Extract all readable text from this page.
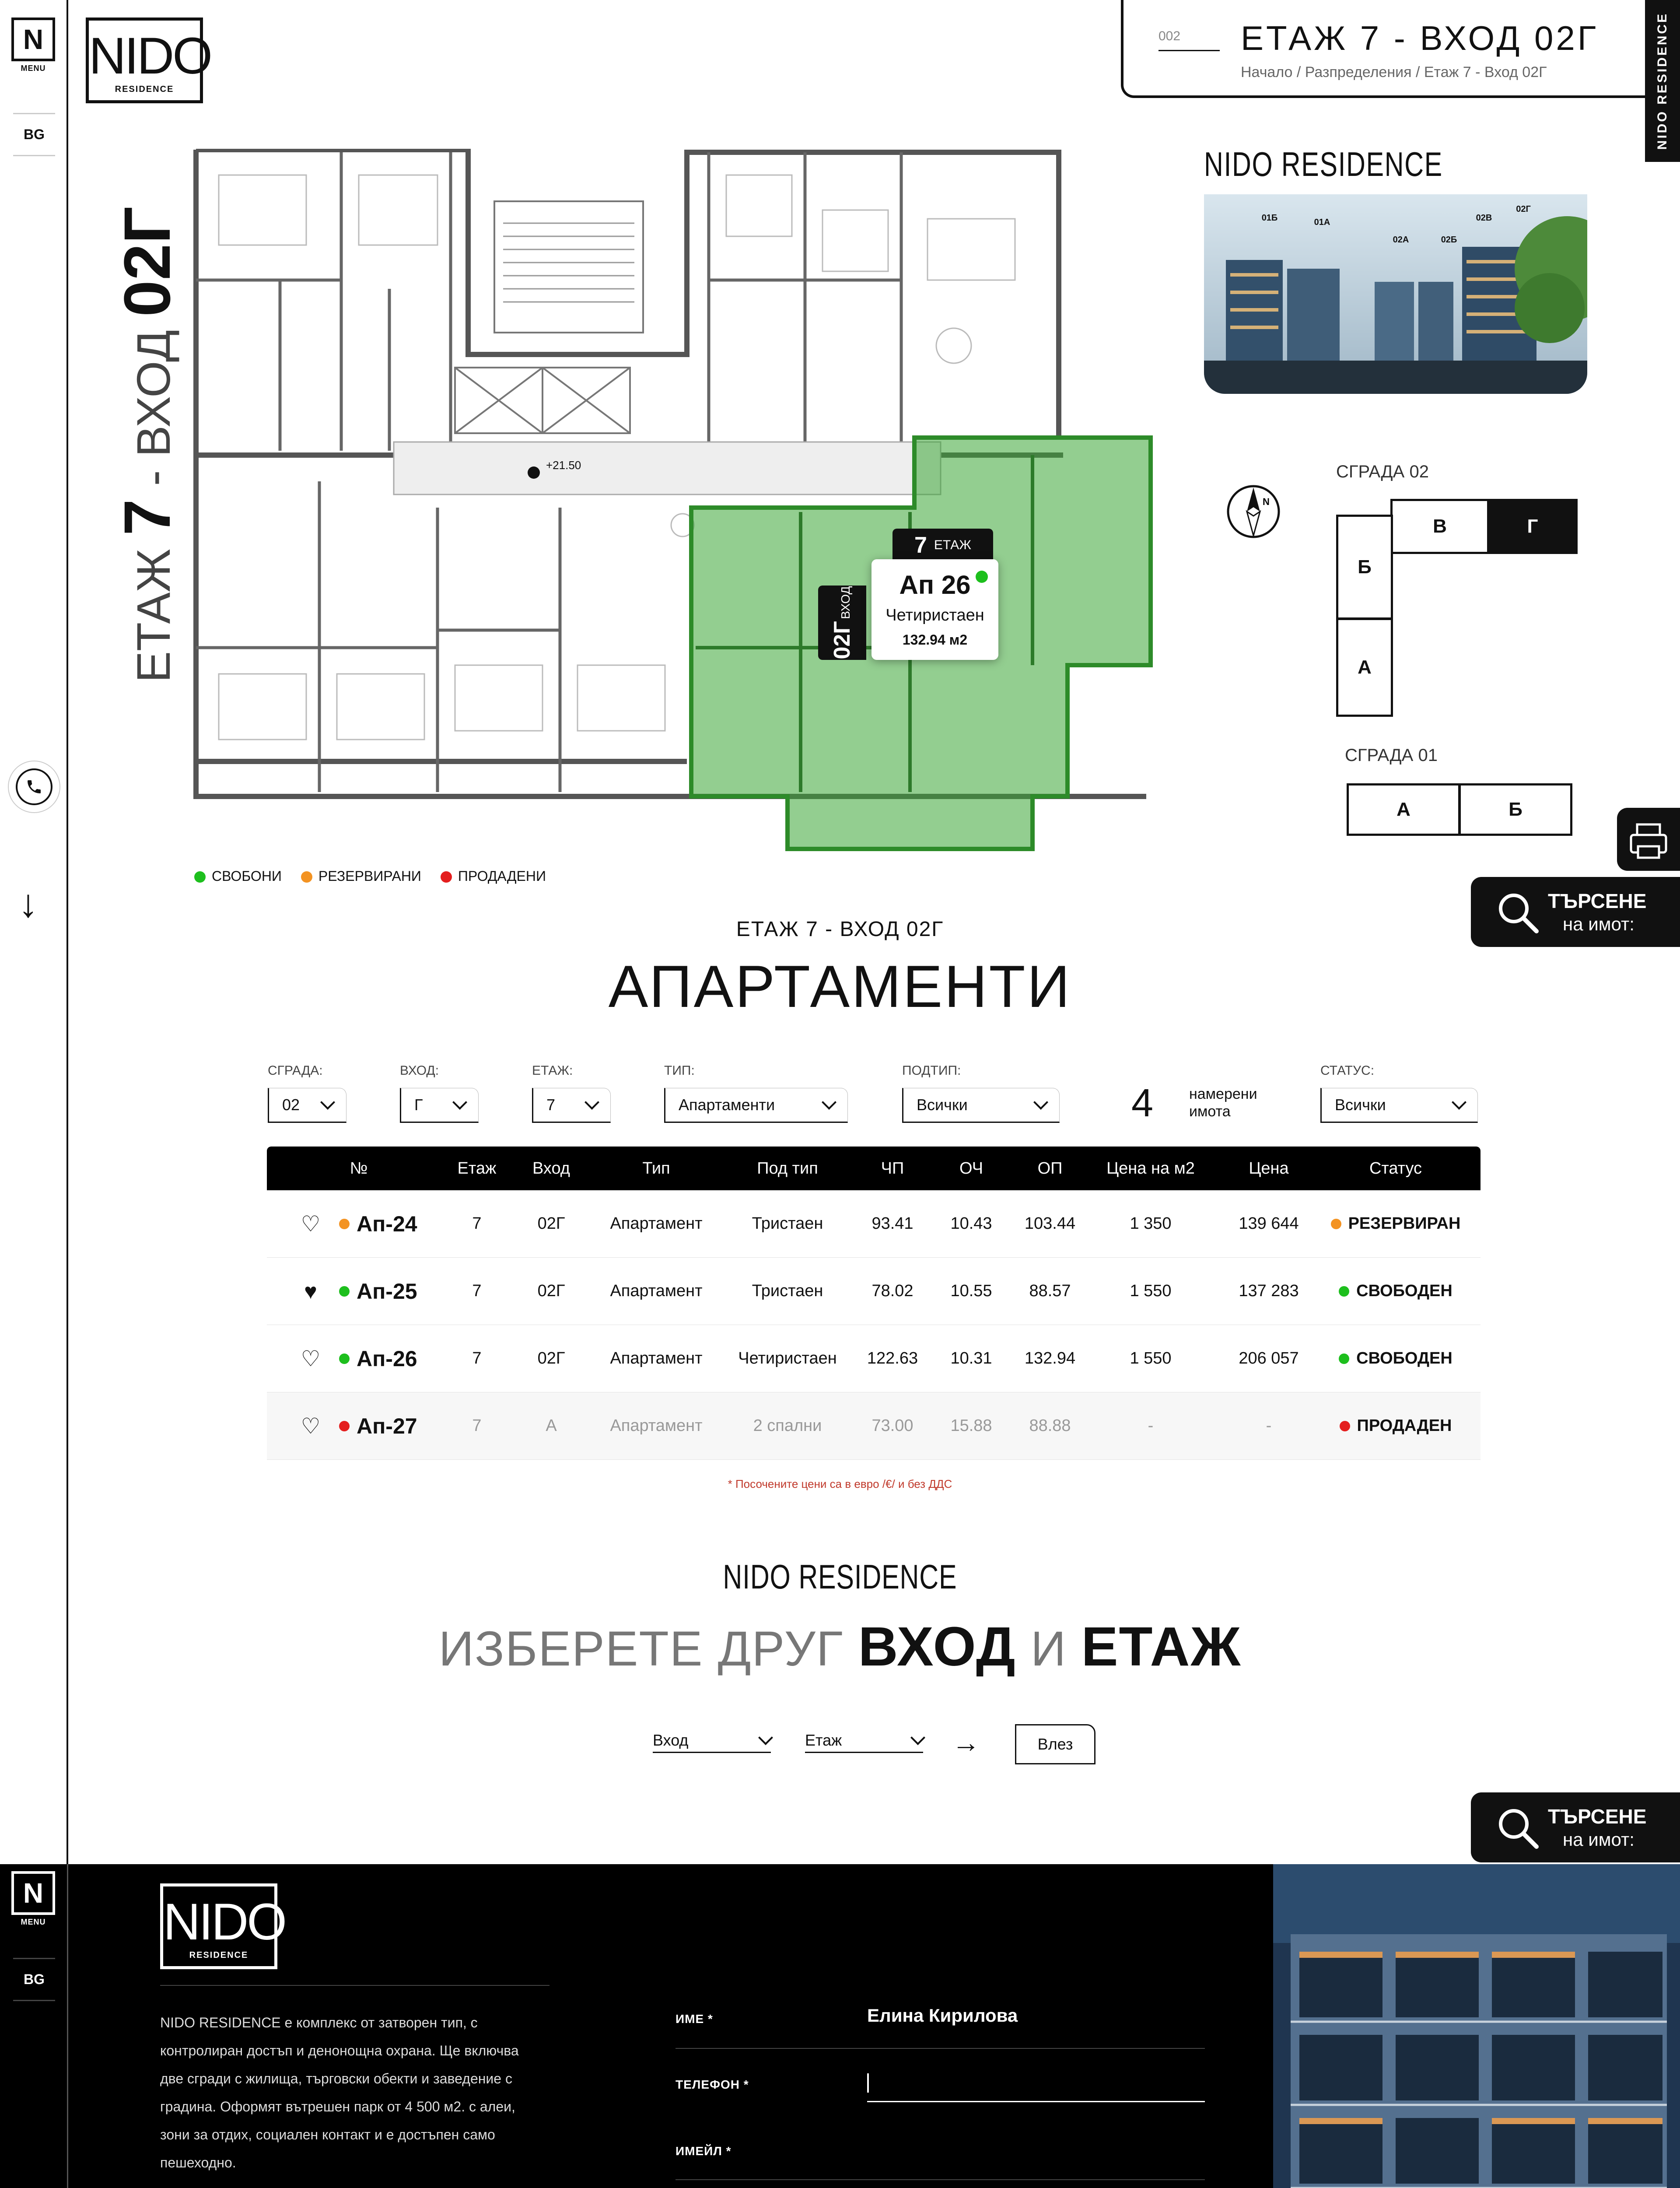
N
MENU
BG
↓
NIDO
RESIDENCE
002 ЕТАЖ 7 - ВХОД 02Г
Начало / Разпределения / Етаж 7 - Вход 02Г	NIDO RESIDENCE
ЕТАЖ 7 - ВХОД 02Г
+21.50
7 ЕТАЖ
02Г ВХОД
Ап 26
Четиристаен
132.94 м2
СВОБОНИ	РЕЗЕРВИРАНИ	ПРОДАДЕНИ
NIDO RESIDENCE
01Б	01А
02А	02Б
02В
02Г
N
СГРАДА 02
В	Г
Б
А
СГРАДА 01
А	Б
ТЪРСЕНЕ
на имот:
ЕТАЖ 7 - ВХОД 02Г
АПАРТАМЕНТИ
СГРАДА:
02
ВХОД:
Г
ЕТАЖ:
7
ТИП:
Апартаменти
ПОДТИП:
Всички	4 намерени
имота
СТАТУС:
Всички
№	Етаж	Вход	Тип	Под тип	ЧП	ОЧ	ОП	Цена на м2	Цена	Статус
♡	Ап-24	7	02Г	Апартамент	Тристаен	93.41	10.43	103.44	1 350	139 644	РЕЗЕРВИРАН
♥	Ап-25	7	02Г	Апартамент	Тристаен	78.02	10.55	88.57	1 550	137 283	СВОБОДЕН
♡	Ап-26	7	02Г	Апартамент	Четиристаен	122.63	10.31	132.94	1 550	206 057	СВОБОДЕН
♡	Ап-27	7	А	Апартамент	2 спални	73.00	15.88	88.88	-	-	ПРОДАДЕН
* Посочените цени са в евро /€/ и без ДДС
NIDO RESIDENCE
ИЗБЕРЕТЕ ДРУГ ВХОД И ЕТАЖ
Вход	Етаж	→	Влез
ТЪРСЕНЕ
на имот:
N
MENU
BG
NIDO
RESIDENCE
NIDO RESIDENCE е комплекс от затворен тип, с контролиран достъп и денонощна охрана. Ще включва две сгради с жилища, търговски обекти и заведение с градина. Оформят вътрешен парк от 4 500 м2. с алеи, зони за отдих, социален контакт и е достъпен само пешеходно.
ИМЕ *	Елина Кирилова
ТЕЛЕФОН *
ИМЕЙЛ *
